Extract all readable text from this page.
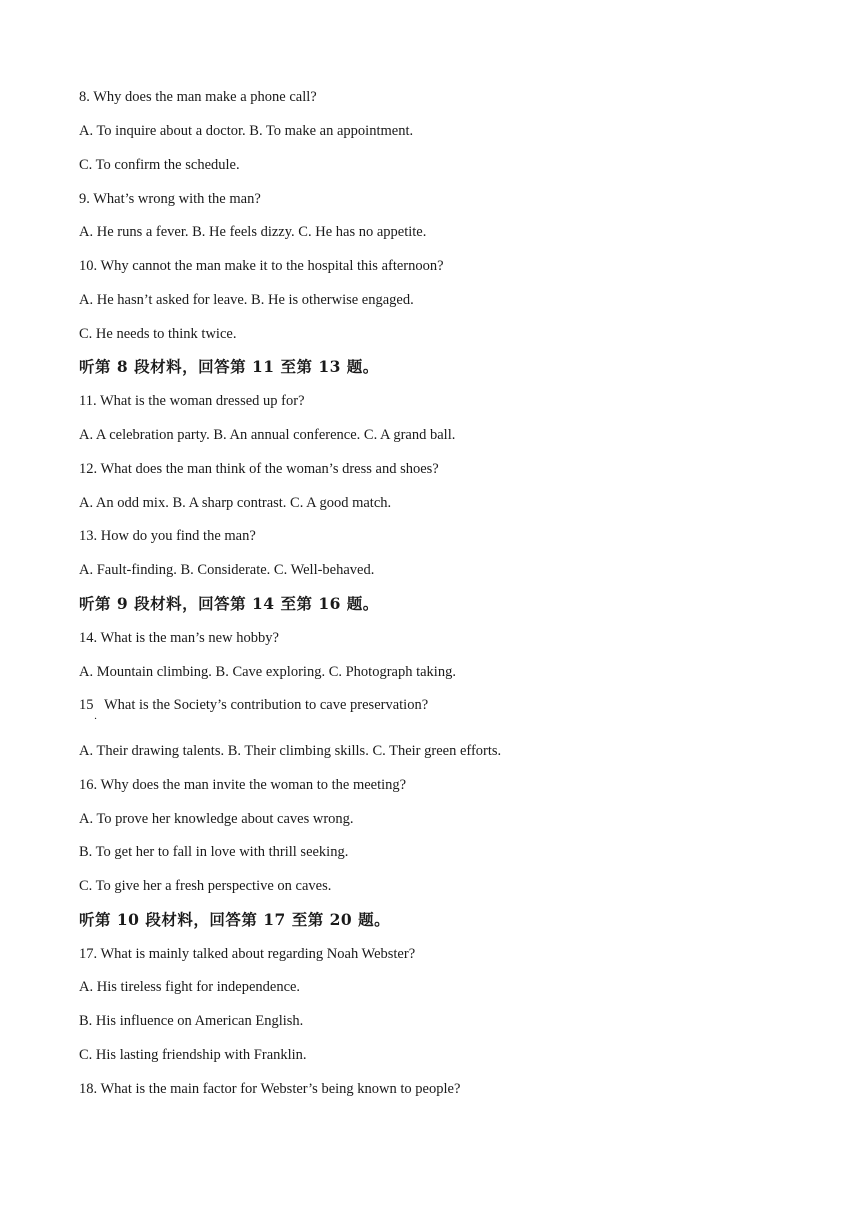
8. Why does the man make a phone call?
A. To inquire about a doctor. B. To make an appointment.
C. To confirm the schedule.
9. What’s wrong with the man?
A. He runs a fever. B. He feels dizzy. C. He has no appetite.
10. Why cannot the man make it to the hospital this afternoon?
A. He hasn’t asked for leave. B. He is otherwise engaged.
C. He needs to think twice.
听第 8 段材料，回答第 11 至第 13 题。
11. What is the woman dressed up for?
A. A celebration party. B. An annual conference. C. A grand ball.
12. What does the man think of the woman’s dress and shoes?
A. An odd mix. B. A sharp contrast. C. A good match.
13. How do you find the man?
A. Fault-finding. B. Considerate. C. Well-behaved.
听第 9 段材料，回答第 14 至第 16 题。
14. What is the man’s new hobby?
A. Mountain climbing. B. Cave exploring. C. Photograph taking.
15 What is the Society’s contribution to cave preservation?
．
A. Their drawing talents. B. Their climbing skills. C. Their green efforts.
16. Why does the man invite the woman to the meeting?
A. To prove her knowledge about caves wrong.
B. To get her to fall in love with thrill seeking.
C. To give her a fresh perspective on caves.
听第 10 段材料，回答第 17 至第 20 题。
17. What is mainly talked about regarding Noah Webster?
A. His tireless fight for independence.
B. His influence on American English.
C. His lasting friendship with Franklin.
18. What is the main factor for Webster’s being known to people?
